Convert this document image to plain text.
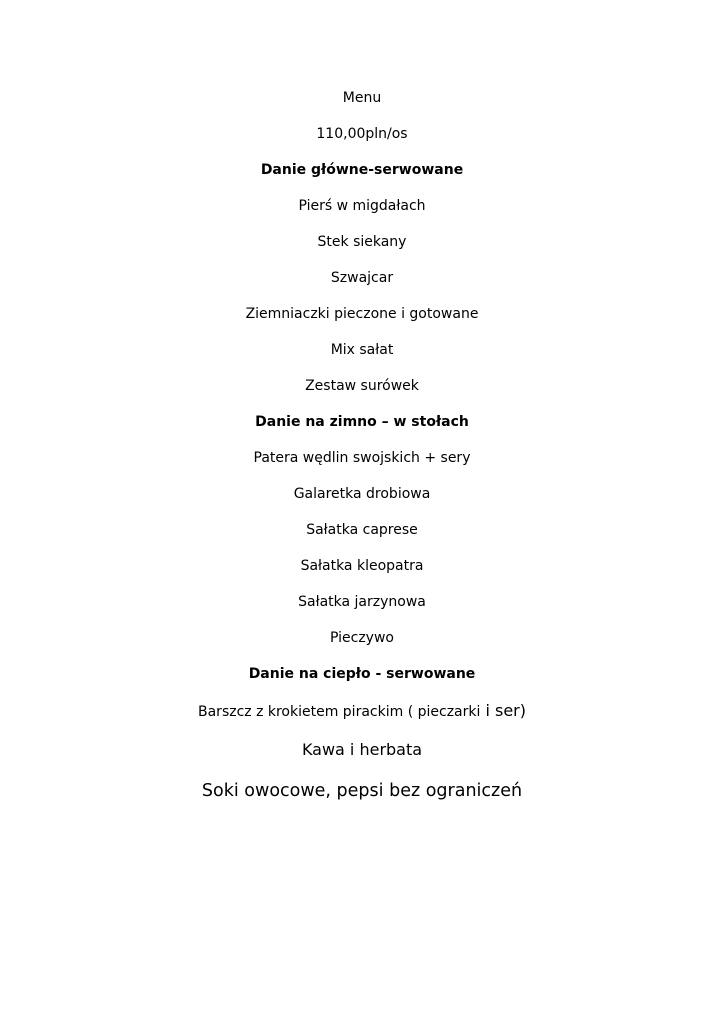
Menu
110,00pln/os
Danie główne-serwowane
Pierś w migdałach
Stek siekany
Szwajcar
Ziemniaczki pieczone i gotowane
Mix sałat
Zestaw surówek
Danie na zimno – w stołach
Patera wędlin swojskich + sery
Galaretka drobiowa
Sałatka caprese
Sałatka kleopatra
Sałatka jarzynowa
Pieczywo
Danie na ciepło - serwowane
Barszcz z krokietem pirackim ( pieczarki i ser)
Kawa i herbata
Soki owocowe, pepsi bez ograniczeń
